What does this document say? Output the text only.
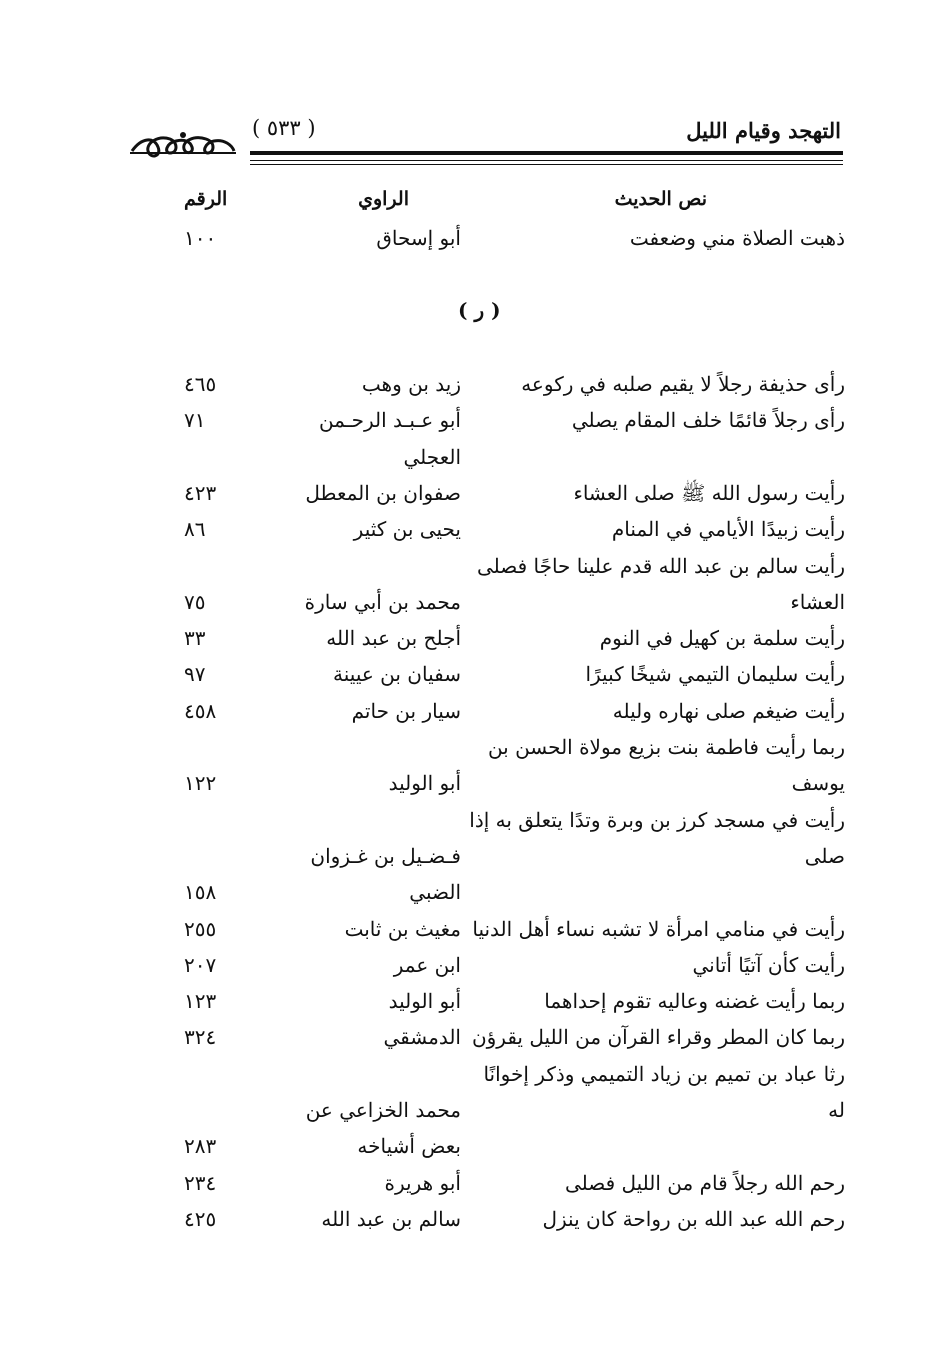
التهجد وقيام الليل
( ٥٣٣ )
نص الحديث
الراوي
الرقم
ذهبت الصلاة مني وضعفت
أبو إسحاق
١٠٠
( ر )
رأى حذيفة رجلاً لا يقيم صلبه في ركوعه
زيد بن وهب
٤٦٥
رأى رجلاً قائمًا خلف المقام يصلي
أبو عـبـد الرحـمن
٧١
العجلي
رأيت رسول الله ﷺ صلى العشاء
صفوان بن المعطل
٤٢٣
رأيت زبيدًا الأيامي في المنام
يحيى بن كثير
٨٦
رأيت سالم بن عبد الله قدم علينا حاجًا فصلى
العشاء
محمد بن أبي سارة
٧٥
رأيت سلمة بن كهيل في النوم
أجلح بن عبد الله
٣٣
رأيت سليمان التيمي شيخًا كبيرًا
سفيان بن عيينة
٩٧
رأيت ضيغم صلى نهاره وليله
سيار بن حاتم
٤٥٨
ربما رأيت فاطمة بنت بزيع مولاة الحسن بن
يوسف
أبو الوليد
١٢٢
رأيت في مسجد كرز بن وبرة وتدًا يتعلق به إذا
صلى
فـضـيل بن غـزوان
الضبي
١٥٨
رأيت في منامي امرأة لا تشبه نساء أهل الدنيا
مغيث بن ثابت
٢٥٥
رأيت كأن آتيًا أتاني
ابن عمر
٢٠٧
ربما رأيت غضنه وعاليه تقوم إحداهما
أبو الوليد
١٢٣
ربما كان المطر وقراء القرآن من الليل يقرؤن
الدمشقي
٣٢٤
رثا عباد بن تميم بن زياد التميمي وذكر إخوانًا
له
محمد الخزاعي عن
بعض أشياخه
٢٨٣
رحم الله رجلاً قام من الليل فصلى
أبو هريرة
٢٣٤
رحم الله عبد الله بن رواحة كان ينزل
سالم بن عبد الله
٤٢٥
